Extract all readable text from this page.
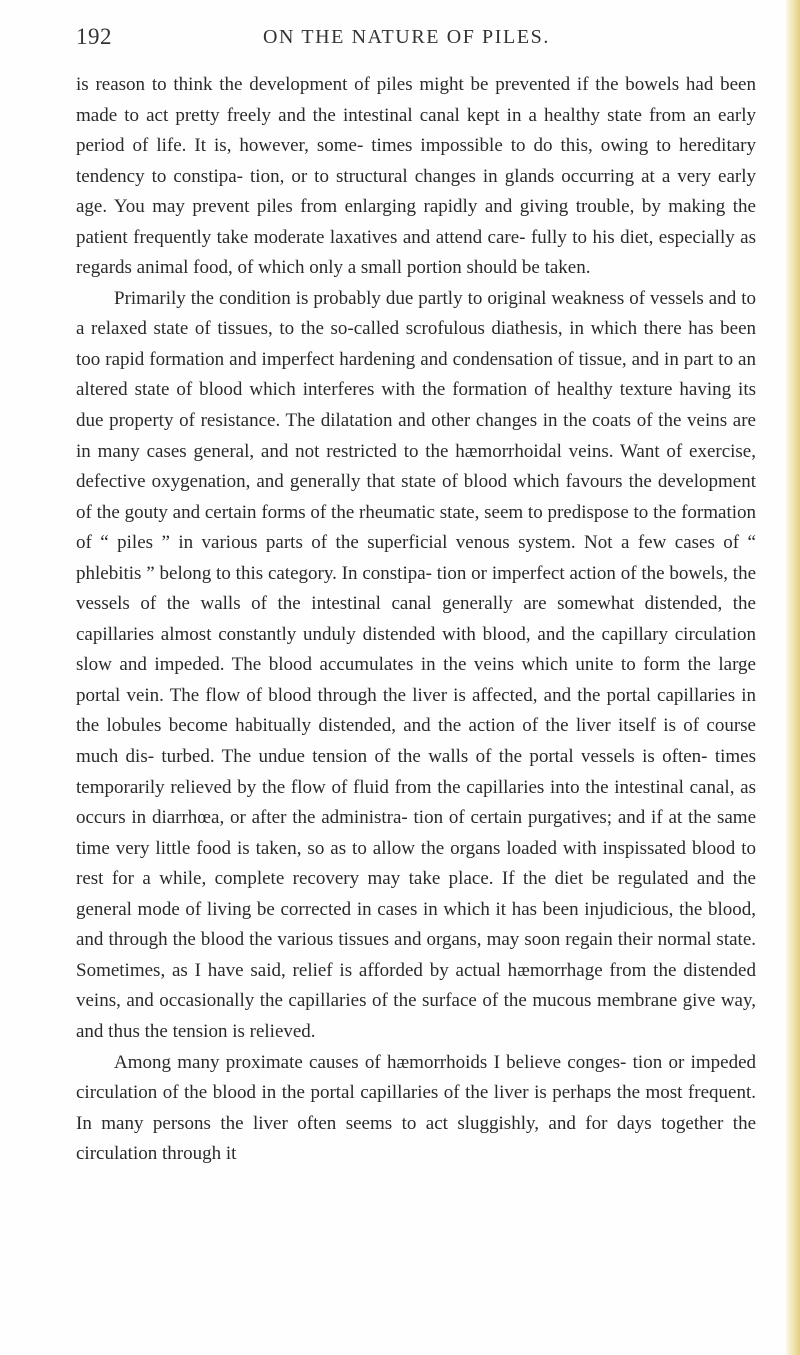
192	ON THE NATURE OF PILES.

is reason to think the development of piles might be prevented if the bowels had been made to act pretty freely and the intestinal canal kept in a healthy state from an early period of life. It is, however, some- times impossible to do this, owing to hereditary tendency to constipa- tion, or to structural changes in glands occurring at a very early age. You may prevent piles from enlarging rapidly and giving trouble, by making the patient frequently take moderate laxatives and attend care- fully to his diet, especially as regards animal food, of which only a small portion should be taken.

Primarily the condition is probably due partly to original weakness of vessels and to a relaxed state of tissues, to the so-called scrofulous diathesis, in which there has been too rapid formation and imperfect hardening and condensation of tissue, and in part to an altered state of blood which interferes with the formation of healthy texture having its due property of resistance. The dilatation and other changes in the coats of the veins are in many cases general, and not restricted to the hæmorrhoidal veins. Want of exercise, defective oxygenation, and generally that state of blood which favours the development of the gouty and certain forms of the rheumatic state, seem to predispose to the formation of “ piles ” in various parts of the superficial venous system. Not a few cases of “ phlebitis ” belong to this category. In constipa- tion or imperfect action of the bowels, the vessels of the walls of the intestinal canal generally are somewhat distended, the capillaries almost constantly unduly distended with blood, and the capillary circulation slow and impeded. The blood accumulates in the veins which unite to form the large portal vein. The flow of blood through the liver is affected, and the portal capillaries in the lobules become habitually distended, and the action of the liver itself is of course much dis- turbed. The undue tension of the walls of the portal vessels is often- times temporarily relieved by the flow of fluid from the capillaries into the intestinal canal, as occurs in diarrhœa, or after the administra- tion of certain purgatives; and if at the same time very little food is taken, so as to allow the organs loaded with inspissated blood to rest for a while, complete recovery may take place. If the diet be regulated and the general mode of living be corrected in cases in which it has been injudicious, the blood, and through the blood the various tissues and organs, may soon regain their normal state. Sometimes, as I have said, relief is afforded by actual hæmorrhage from the distended veins, and occasionally the capillaries of the surface of the mucous membrane give way, and thus the tension is relieved.

Among many proximate causes of hæmorrhoids I believe conges- tion or impeded circulation of the blood in the portal capillaries of the liver is perhaps the most frequent. In many persons the liver often seems to act sluggishly, and for days together the circulation through it
